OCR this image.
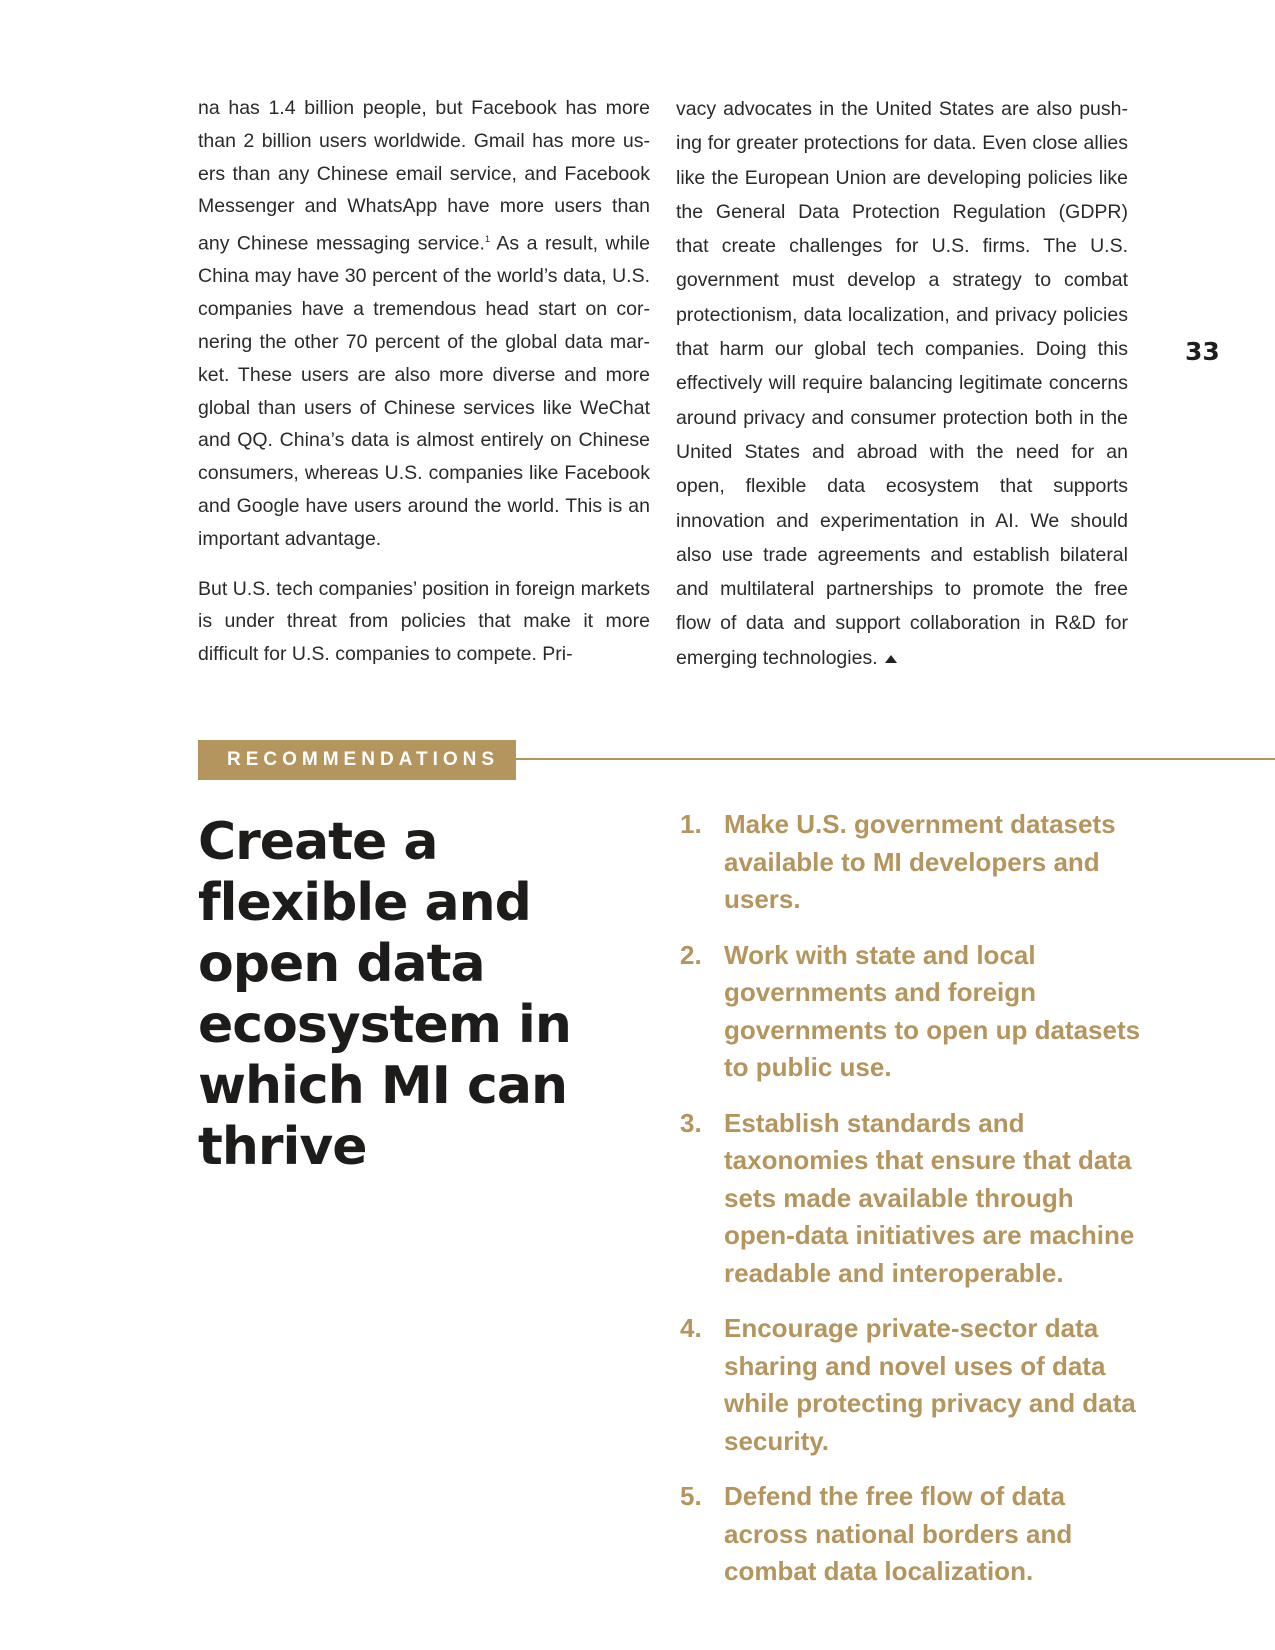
na has 1.4 billion people, but Facebook has more than 2 billion users worldwide. Gmail has more users than any Chinese email service, and Facebook Messenger and WhatsApp have more users than any Chinese messaging service.$^1$ As a result, while China may have 30 percent of the world’s data, U.S. companies have a tremendous head start on cornering the other 70 percent of the global data market. These users are also more diverse and more global than users of Chinese services like WeChat and QQ. China’s data is almost entirely on Chinese consumers, whereas U.S. companies like Facebook and Google have users around the world. This is an important advantage.

But U.S. tech companies’ position in foreign markets is under threat from policies that make it more difficult for U.S. companies to compete. Pri-

vacy advocates in the United States are also pushing for greater protections for data. Even close allies like the European Union are developing policies like the General Data Protection Regulation (GDPR) that create challenges for U.S. firms. The U.S. government must develop a strategy to combat protectionism, data localization, and privacy policies that harm our global tech companies. Doing this effectively will require balancing legitimate concerns around privacy and consumer protection both in the United States and abroad with the need for an open, flexible data ecosystem that supports innovation and experimentation in AI. We should also use trade agreements and establish bilateral and multilateral partnerships to promote the free flow of data and support collaboration in R&D for emerging technologies.

33
RECOMMENDATIONS
Create a flexible and open data ecosystem in which MI can thrive
1. Make U.S. government datasets available to MI developers and users.
2. Work with state and local governments and foreign governments to open up datasets to public use.
3. Establish standards and taxonomies that ensure that data sets made available through open-data initiatives are machine readable and interoperable.
4. Encourage private-sector data sharing and novel uses of data while protecting privacy and data security.
5. Defend the free flow of data across national borders and combat data localization.
